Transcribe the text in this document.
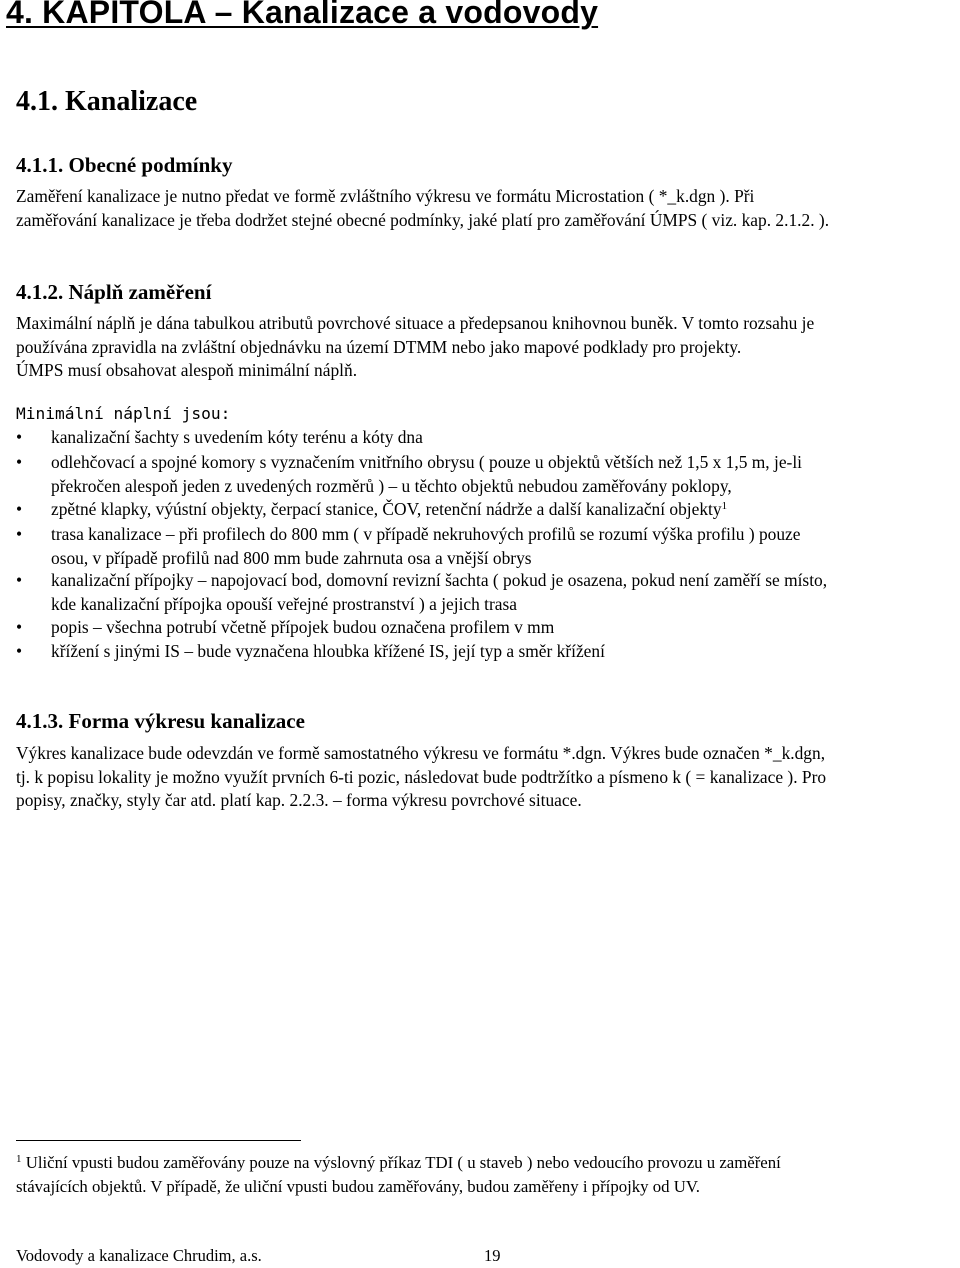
4. KAPITOLA – Kanalizace a vodovody
4.1. Kanalizace
4.1.1. Obecné podmínky
Zaměření kanalizace je nutno předat ve formě zvláštního výkresu ve formátu Microstation ( *_k.dgn ). Při
zaměřování kanalizace je třeba dodržet stejné obecné podmínky, jaké platí pro zaměřování ÚMPS ( viz. kap. 2.1.2. ).
4.1.2. Náplň zaměření
Maximální náplň je dána tabulkou atributů povrchové situace a předepsanou knihovnou buněk. V tomto rozsahu je
používána zpravidla na zvláštní objednávku na území DTMM nebo jako mapové podklady pro projekty.
ÚMPS musí obsahovat alespoň minimální náplň.
Minimální náplní jsou:
•	kanalizační šachty s uvedením kóty terénu a kóty dna
•	odlehčovací a spojné komory s vyznačením vnitřního obrysu ( pouze u objektů větších než 1,5 x 1,5 m, je-li
překročen alespoň jeden z uvedených rozměrů ) – u těchto objektů nebudou zaměřovány poklopy,
•	zpětné klapky, výústní objekty, čerpací stanice, ČOV, retenční nádrže a další kanalizační objekty$^1$
•	trasa kanalizace – při profilech do 800 mm ( v případě nekruhových profilů se rozumí výška profilu ) pouze
osou, v případě profilů nad 800 mm bude zahrnuta osa a vnější obrys
•	kanalizační přípojky – napojovací bod, domovní revizní šachta ( pokud je osazena, pokud není zaměří se místo,
kde kanalizační přípojka opouší veřejné prostranství ) a jejich trasa
•	popis – všechna potrubí včetně přípojek budou označena profilem v mm
•	křížení s jinými IS – bude vyznačena hloubka křížené IS, její typ a směr křížení
4.1.3. Forma výkresu kanalizace
Výkres kanalizace bude odevzdán ve formě samostatného výkresu ve formátu *.dgn. Výkres bude označen *_k.dgn,
tj. k popisu lokality je možno využít prvních 6-ti pozic, následovat bude podtržítko a písmeno k ( = kanalizace ). Pro
popisy, značky, styly čar atd. platí kap. 2.2.3. – forma výkresu povrchové situace.
$^1$ Uliční vpusti budou zaměřovány pouze na výslovný příkaz TDI ( u staveb ) nebo vedoucího provozu u zaměření
stávajících objektů. V případě, že uliční vpusti budou zaměřovány, budou zaměřeny i přípojky od UV.
Vodovody a kanalizace Chrudim, a.s.	19
